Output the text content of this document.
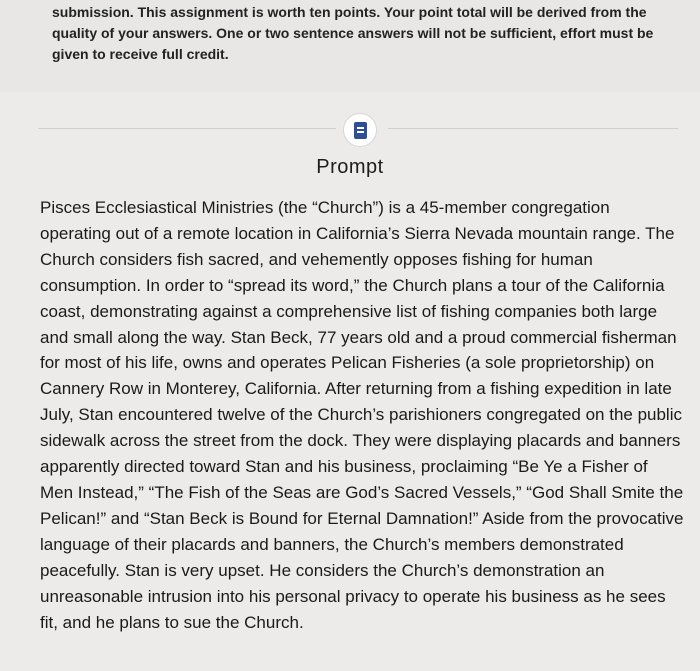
submission. This assignment is worth ten points. Your point total will be derived from the quality of your answers. One or two sentence answers will not be sufficient, effort must be given to receive full credit.

Prompt

Pisces Ecclesiastical Ministries (the “Church”) is a 45-member congregation operating out of a remote location in California’s Sierra Nevada mountain range. The Church considers fish sacred, and vehemently opposes fishing for human consumption. In order to “spread its word,” the Church plans a tour of the California coast, demonstrating against a comprehensive list of fishing companies both large and small along the way. Stan Beck, 77 years old and a proud commercial fisherman for most of his life, owns and operates Pelican Fisheries (a sole proprietorship) on Cannery Row in Monterey, California. After returning from a fishing expedition in late July, Stan encountered twelve of the Church’s parishioners congregated on the public sidewalk across the street from the dock. They were displaying placards and banners apparently directed toward Stan and his business, proclaiming “Be Ye a Fisher of Men Instead,” “The Fish of the Seas are God’s Sacred Vessels,” “God Shall Smite the Pelican!” and “Stan Beck is Bound for Eternal Damnation!” Aside from the provocative language of their placards and banners, the Church’s members demonstrated peacefully. Stan is very upset. He considers the Church’s demonstration an unreasonable intrusion into his personal privacy to operate his business as he sees fit, and he plans to sue the Church.
